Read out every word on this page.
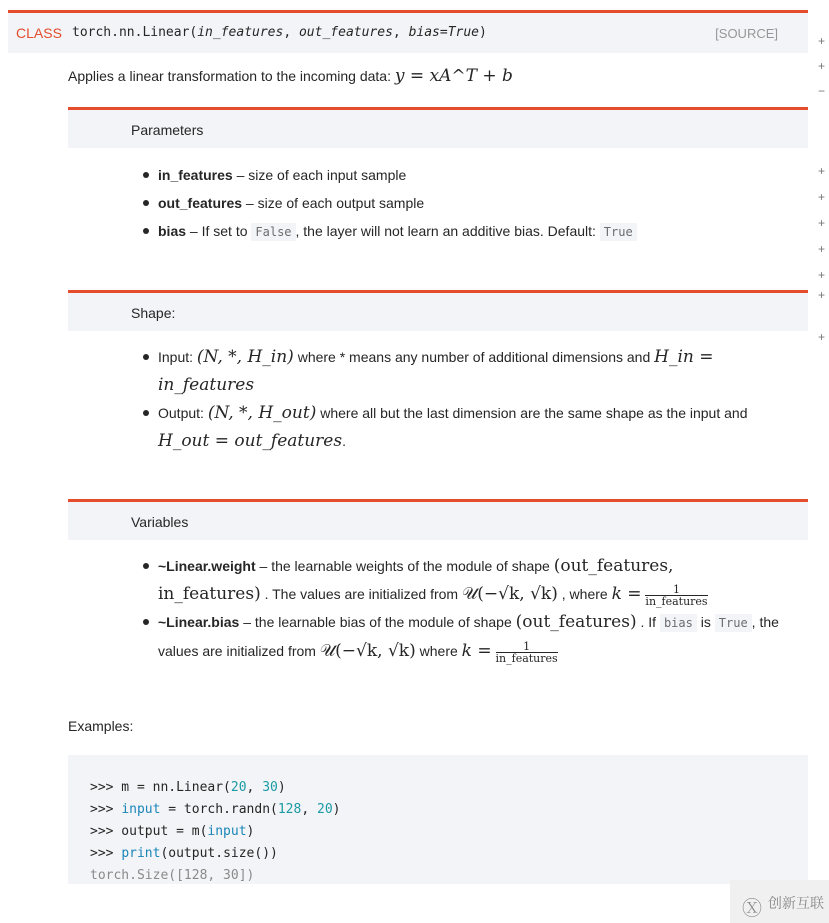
CLASS torch.nn.Linear(in_features, out_features, bias=True)	[SOURCE]
Applies a linear transformation to the incoming data: y = xA^T + b
Parameters
in_features – size of each input sample
out_features – size of each output sample
bias – If set to False , the layer will not learn an additive bias. Default: True
Shape:
Input: (N, *, H_in) where * means any number of additional dimensions and H_in = in_features
Output: (N, *, H_out) where all but the last dimension are the same shape as the input and H_out = out_features.
Variables
~Linear.weight – the learnable weights of the module of shape (out_features, in_features) . The values are initialized from 𝒰(−√k, √k) , where $k = \frac{1}{\text{in\_features}}$
~Linear.bias – the learnable bias of the module of shape (out_features) . If bias is True , the values are initialized from 𝒰(−√k, √k) where $k = \frac{1}{\text{in\_features}}$
Examples:
>>> m = nn.Linear(20, 30)
>>> input = torch.randn(128, 20)
>>> output = m(input)
>>> print(output.size())
torch.Size([128, 30])
Ⓧ 创新互联
+
+
−
+
+
+
+
+
+
+
